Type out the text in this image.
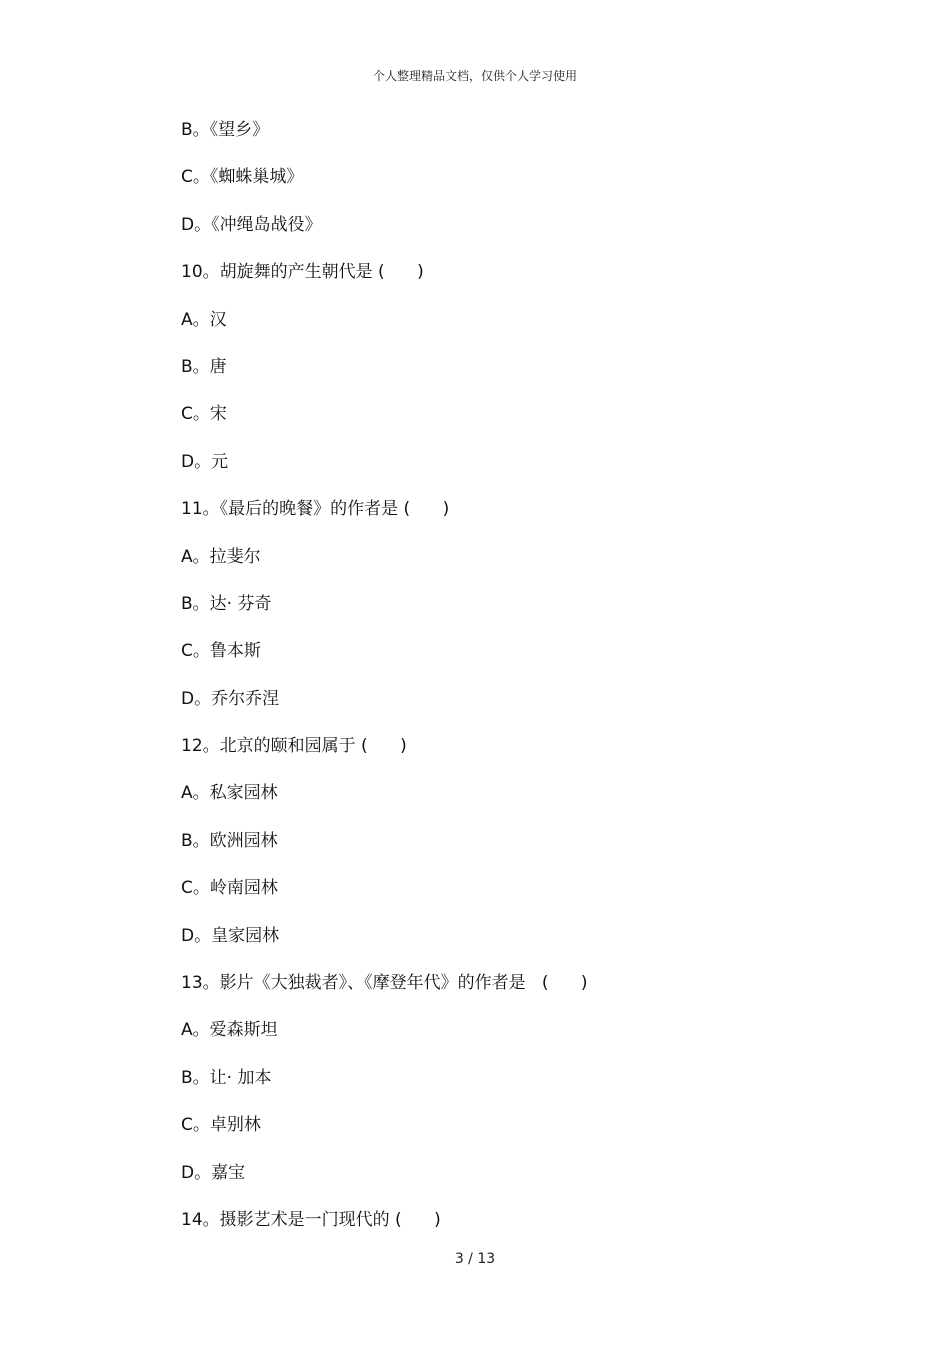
个人整理精品文档，仅供个人学习使用
B。《望乡》
C。《蜘蛛巢城》
D。《冲绳岛战役》
10。胡旋舞的产生朝代是 (      )
A。汉
B。唐
C。宋
D。元
11。《最后的晚餐》的作者是 (      )
A。拉斐尔
B。达· 芬奇
C。鲁本斯
D。乔尔乔涅
12。北京的颐和园属于 (      )
A。私家园林
B。欧洲园林
C。岭南园林
D。皇家园林
13。影片《大独裁者》、《摩登年代》的作者是   (      )
A。爱森斯坦
B。让· 加本
C。卓别林
D。嘉宝
14。摄影艺术是一门现代的 (      )
3 / 13
